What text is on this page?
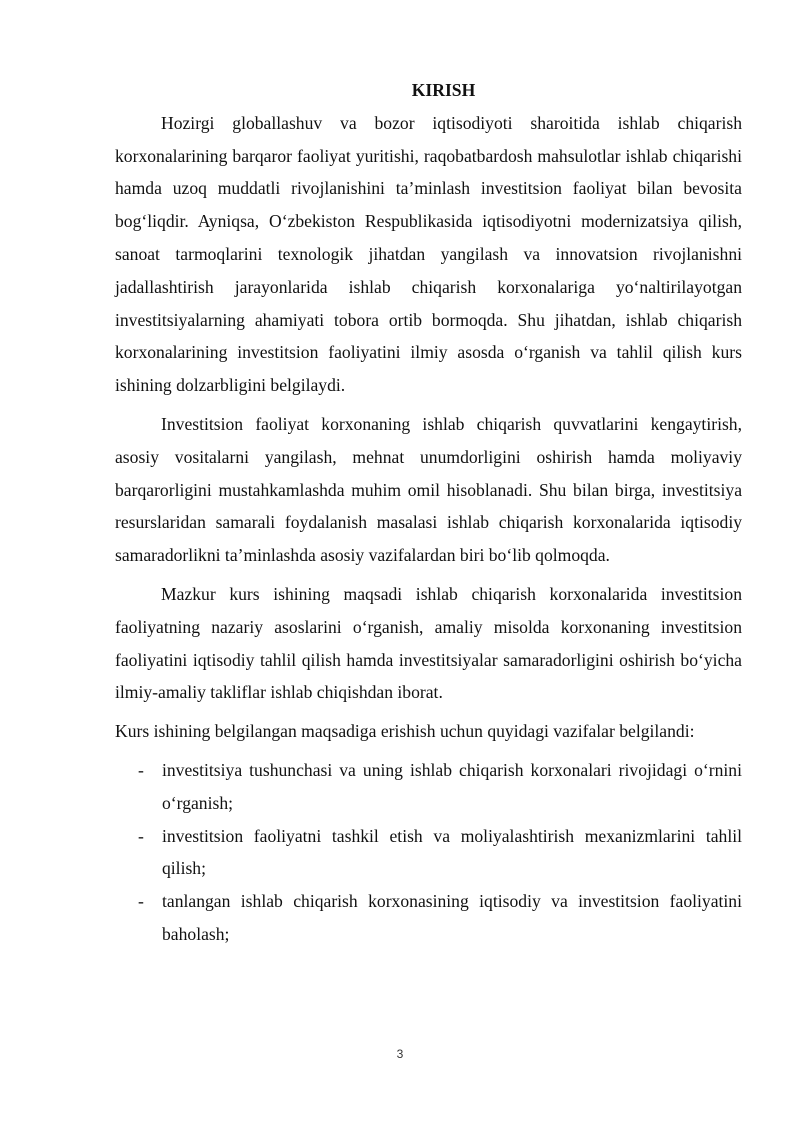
KIRISH

Hozirgi globallashuv va bozor iqtisodiyoti sharoitida ishlab chiqarish korxonalarining barqaror faoliyat yuritishi, raqobatbardosh mahsulotlar ishlab chiqarishi hamda uzoq muddatli rivojlanishini ta’minlash investitsion faoliyat bilan bevosita bog‘liqdir. Ayniqsa, O‘zbekiston Respublikasida iqtisodiyotni modernizatsiya qilish, sanoat tarmoqlarini texnologik jihatdan yangilash va innovatsion rivojlanishni jadallashtirish jarayonlarida ishlab chiqarish korxonalariga yo‘naltirilayotgan investitsiyalarning ahamiyati tobora ortib bormoqda. Shu jihatdan, ishlab chiqarish korxonalarining investitsion faoliyatini ilmiy asosda o‘rganish va tahlil qilish kurs ishining dolzarbligini belgilaydi.

Investitsion faoliyat korxonaning ishlab chiqarish quvvatlarini kengaytirish, asosiy vositalarni yangilash, mehnat unumdorligini oshirish hamda moliyaviy barqarorligini mustahkamlashda muhim omil hisoblanadi. Shu bilan birga, investitsiya resurslaridan samarali foydalanish masalasi ishlab chiqarish korxonalarida iqtisodiy samaradorlikni ta’minlashda asosiy vazifalardan biri bo‘lib qolmoqda.

Mazkur kurs ishining maqsadi ishlab chiqarish korxonalarida investitsion faoliyatning nazariy asoslarini o‘rganish, amaliy misolda korxonaning investitsion faoliyatini iqtisodiy tahlil qilish hamda investitsiyalar samaradorligini oshirish bo‘yicha ilmiy-amaliy takliflar ishlab chiqishdan iborat.

Kurs ishining belgilangan maqsadiga erishish uchun quyidagi vazifalar belgilandi:

- investitsiya tushunchasi va uning ishlab chiqarish korxonalari rivojidagi o‘rnini o‘rganish;
- investitsion faoliyatni tashkil etish va moliyalashtirish mexanizmlarini tahlil qilish;
- tanlangan ishlab chiqarish korxonasining iqtisodiy va investitsion faoliyatini baholash;
3
